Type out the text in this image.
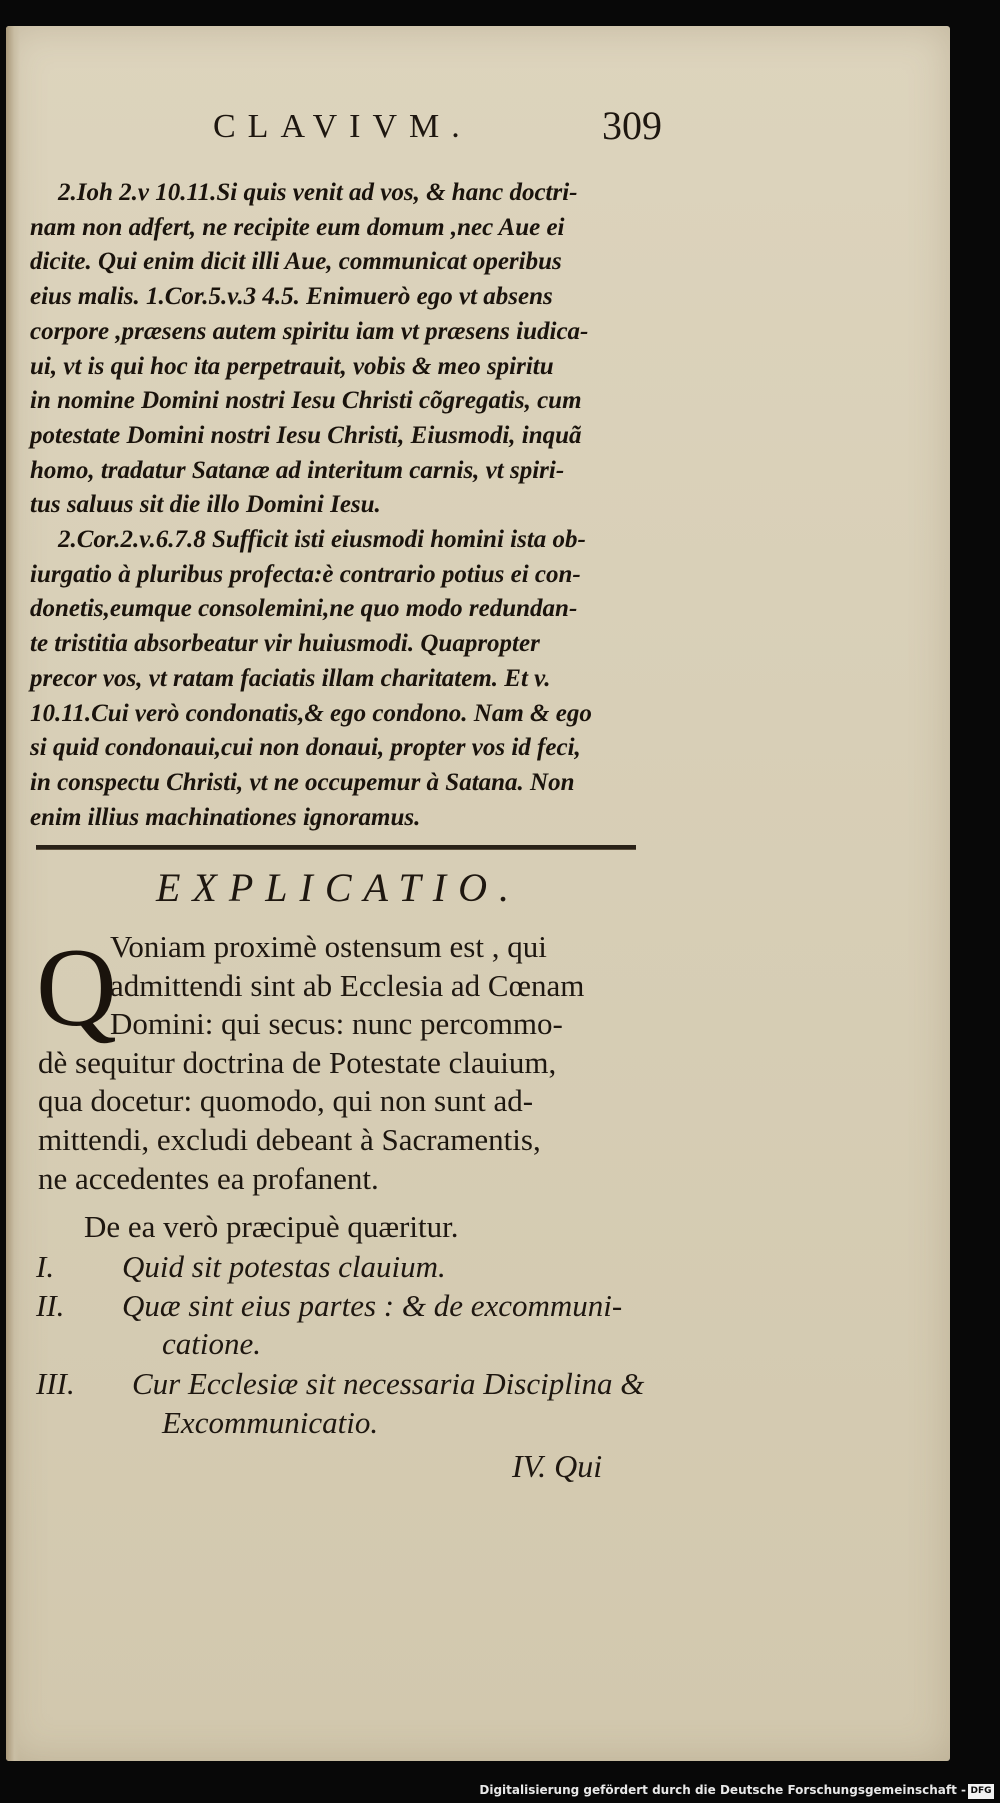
CLAVIVM.	309

2.Ioh 2.v 10.11.Si quis venit ad vos, & hanc doctri-

nam non adfert, ne recipite eum domum ,nec Aue ei

dicite. Qui enim dicit illi Aue, communicat operibus

eius malis. 1.Cor.5.v.3 4.5. Enimuerò ego vt absens

corpore ,præsens autem spiritu iam vt præsens iudica-

ui, vt is qui hoc ita perpetrauit, vobis & meo spiritu

in nomine Domini nostri Iesu Christi cõgregatis, cum

potestate Domini nostri Iesu Christi, Eiusmodi, inquã

homo, tradatur Satanæ ad interitum carnis, vt spiri-

tus saluus sit die illo Domini Iesu.

2.Cor.2.v.6.7.8 Sufficit isti eiusmodi homini ista ob-

iurgatio à pluribus profecta:è contrario potius ei con-

donetis,eumque consolemini,ne quo modo redundan-

te tristitia absorbeatur vir huiusmodi. Quapropter

precor vos, vt ratam faciatis illam charitatem. Et v.

10.11.Cui verò condonatis,& ego condono. Nam & ego

si quid condonaui,cui non donaui, propter vos id feci,

in conspectu Christi, vt ne occupemur à Satana. Non

enim illius machinationes ignoramus.

EXPLICATIO.
Q
Voniam proximè ostensum est , qui
admittendi sint ab Ecclesia ad Cœnam
Domini: qui secus: nunc percommo-
dè sequitur doctrina de Potestate clauium,
qua docetur: quomodo, qui non sunt ad-
mittendi, excludi debeant à Sacramentis,
ne accedentes ea profanent.
De ea verò præcipuè quæritur.
I. Quid sit potestas clauium.
II. Quæ sint eius partes : & de excommuni-
catione.
III. Cur Ecclesiæ sit necessaria Disciplina &
Excommunicatio.
IV. Qui
Digitalisierung gefördert durch die Deutsche Forschungsgemeinschaft - DFG
